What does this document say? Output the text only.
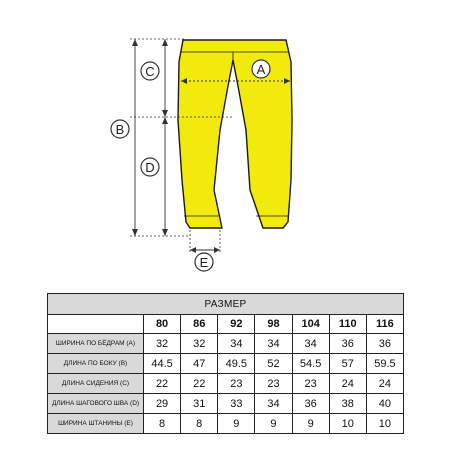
A
B
C
D
E
РАЗМЕР							
	80	86	92	98	104	110	116
ШИРИНА ПО БЁДРАМ (A)	32	32	34	34	34	36	36
ДЛИНА ПО БОКУ (B)	44.5	47	49.5	52	54.5	57	59.5
ДЛИНА СИДЕНИЯ (C)	22	22	23	23	23	24	24
ДЛИНА ШАГОВОГО ШВА (D)	29	31	33	34	36	38	40
ШИРИНА ШТАНИНЫ (E)	8	8	9	9	9	10	10
